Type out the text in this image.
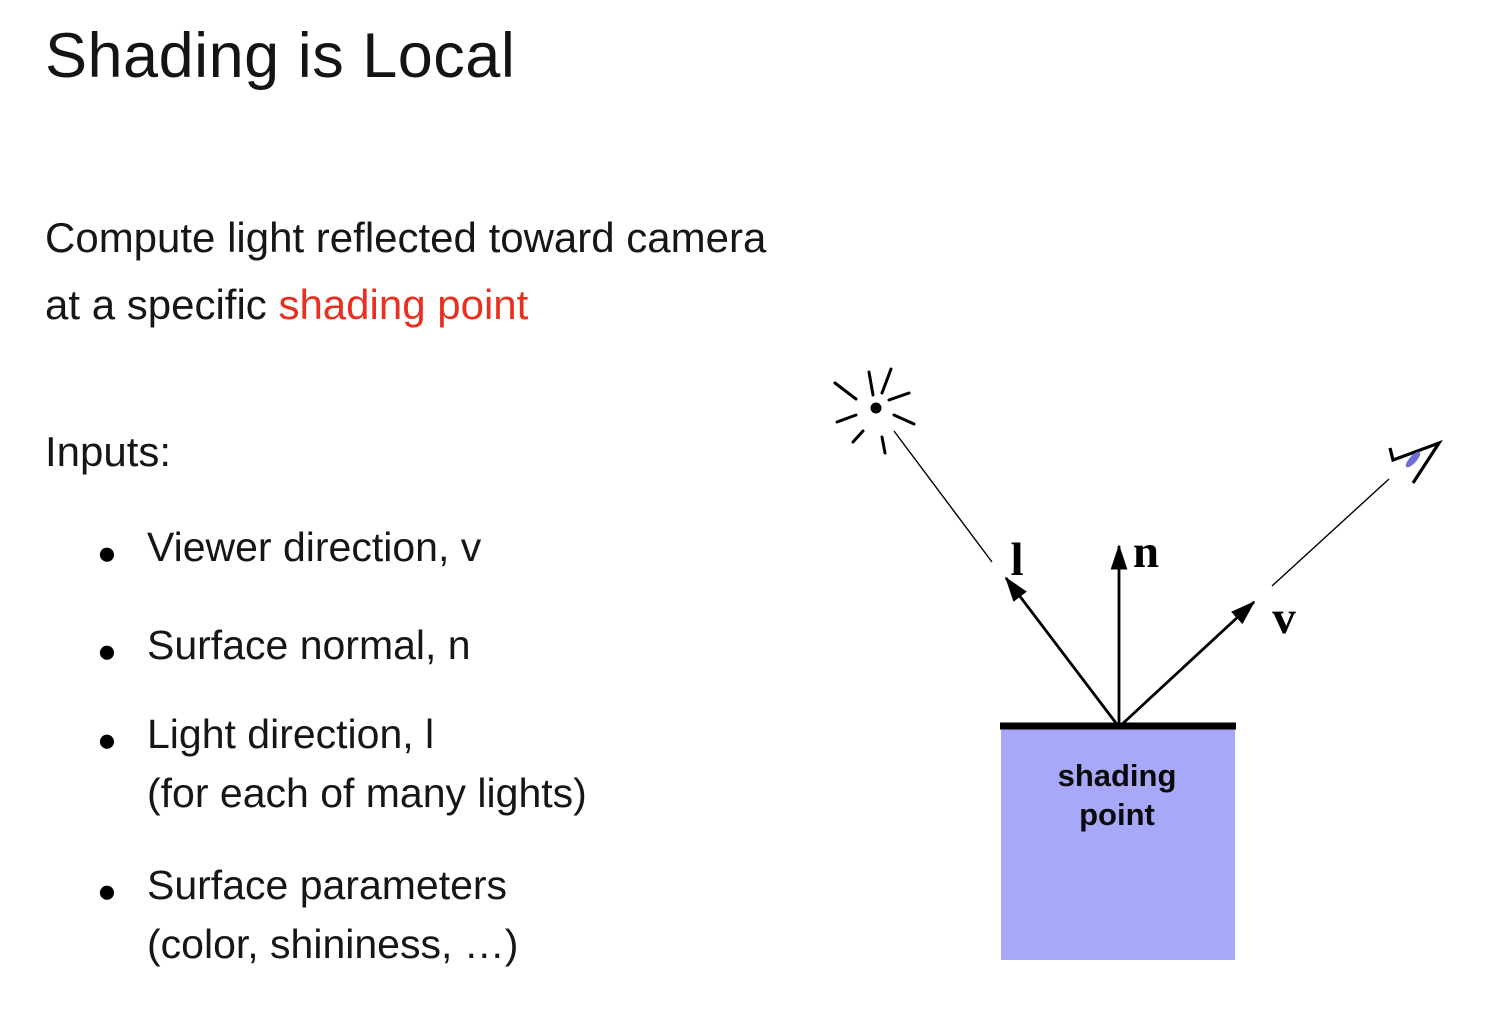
Shading is Local

Compute light reflected toward camera
at a specific shading point

Inputs:

● Viewer direction, v
● Surface normal, n
● Light direction, l
(for each of many lights)
● Surface parameters
(color, shininess, …)
l n
v
shading
point
